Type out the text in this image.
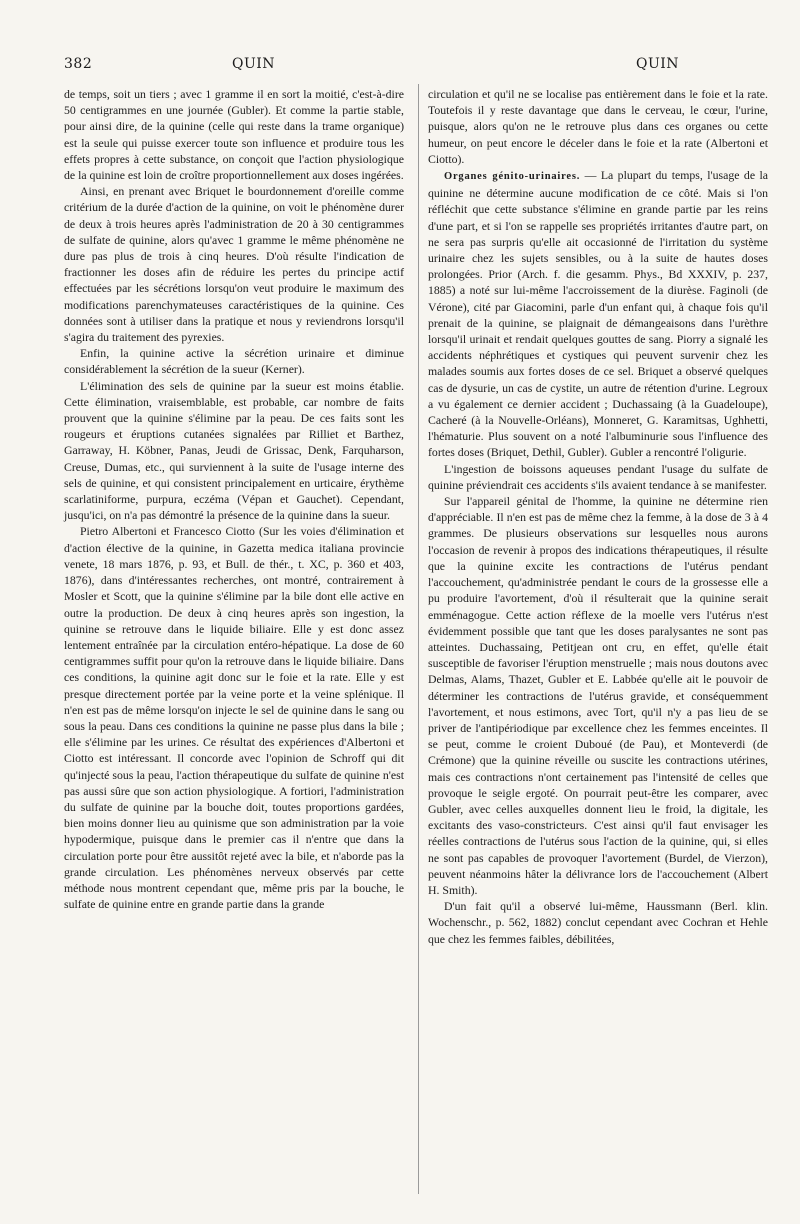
382	QUIN	QUIN

de temps, soit un tiers ; avec 1 gramme il en sort la moitié, c'est-à-dire 50 centigrammes en une journée (Gubler). Et comme la partie stable, pour ainsi dire, de la quinine (celle qui reste dans la trame organique) est la seule qui puisse exercer toute son influence et produire tous les effets propres à cette substance, on conçoit que l'action physiologique de la quinine est loin de croître proportionnellement aux doses ingérées.

Ainsi, en prenant avec Briquet le bourdonnement d'oreille comme critérium de la durée d'action de la quinine, on voit le phénomène durer de deux à trois heures après l'administration de 20 à 30 centigrammes de sulfate de quinine, alors qu'avec 1 gramme le même phénomène ne dure pas plus de trois à cinq heures. D'où résulte l'indication de fractionner les doses afin de réduire les pertes du principe actif effectuées par les sécrétions lorsqu'on veut produire le maximum des modifications parenchymateuses caractéristiques de la quinine. Ces données sont à utiliser dans la pratique et nous y reviendrons lorsqu'il s'agira du traitement des pyrexies.

Enfin, la quinine active la sécrétion urinaire et diminue considérablement la sécrétion de la sueur (Kerner).

L'élimination des sels de quinine par la sueur est moins établie. Cette élimination, vraisemblable, est probable, car nombre de faits prouvent que la quinine s'élimine par la peau. De ces faits sont les rougeurs et éruptions cutanées signalées par Rilliet et Barthez, Garraway, H. Köbner, Panas, Jeudi de Grissac, Denk, Farquharson, Creuse, Dumas, etc., qui surviennent à la suite de l'usage interne des sels de quinine, et qui consistent principalement en urticaire, érythème scarlatiniforme, purpura, eczéma (Vépan et Gauchet). Cependant, jusqu'ici, on n'a pas démontré la présence de la quinine dans la sueur.

Pietro Albertoni et Francesco Ciotto (Sur les voies d'élimination et d'action élective de la quinine, in Gazetta medica italiana provincie venete, 18 mars 1876, p. 93, et Bull. de thér., t. XC, p. 360 et 403, 1876), dans d'intéressantes recherches, ont montré, contrairement à Mosler et Scott, que la quinine s'élimine par la bile dont elle active en outre la production. De deux à cinq heures après son ingestion, la quinine se retrouve dans le liquide biliaire. Elle y est donc assez lentement entraînée par la circulation entéro-hépatique. La dose de 60 centigrammes suffit pour qu'on la retrouve dans le liquide biliaire. Dans ces conditions, la quinine agit donc sur le foie et la rate. Elle y est presque directement portée par la veine porte et la veine splénique. Il n'en est pas de même lorsqu'on injecte le sel de quinine dans le sang ou sous la peau. Dans ces conditions la quinine ne passe plus dans la bile ; elle s'élimine par les urines. Ce résultat des expériences d'Albertoni et Ciotto est intéressant. Il concorde avec l'opinion de Schroff qui dit qu'injecté sous la peau, l'action thérapeutique du sulfate de quinine n'est pas aussi sûre que son action physiologique. A fortiori, l'administration du sulfate de quinine par la bouche doit, toutes proportions gardées, bien moins donner lieu au quinisme que son administration par la voie hypodermique, puisque dans le premier cas il n'entre que dans la circulation porte pour être aussitôt rejeté avec la bile, et n'aborde pas la grande circulation. Les phénomènes nerveux observés par cette méthode nous montrent cependant que, même pris par la bouche, le sulfate de quinine entre en grande partie dans la grande

circulation et qu'il ne se localise pas entièrement dans le foie et la rate. Toutefois il y reste davantage que dans le cerveau, le cœur, l'urine, puisque, alors qu'on ne le retrouve plus dans ces organes ou cette humeur, on peut encore le déceler dans le foie et la rate (Albertoni et Ciotto).

Organes génito-urinaires. — La plupart du temps, l'usage de la quinine ne détermine aucune modification de ce côté. Mais si l'on réfléchit que cette substance s'élimine en grande partie par les reins d'une part, et si l'on se rappelle ses propriétés irritantes d'autre part, on ne sera pas surpris qu'elle ait occasionné de l'irritation du système urinaire chez les sujets sensibles, ou à la suite de hautes doses prolongées. Prior (Arch. f. die gesamm. Phys., Bd XXXIV, p. 237, 1885) a noté sur lui-même l'accroissement de la diurèse. Faginoli (de Vérone), cité par Giacomini, parle d'un enfant qui, à chaque fois qu'il prenait de la quinine, se plaignait de démangeaisons dans l'urèthre lorsqu'il urinait et rendait quelques gouttes de sang. Piorry a signalé les accidents néphrétiques et cystiques qui peuvent survenir chez les malades soumis aux fortes doses de ce sel. Briquet a observé quelques cas de dysurie, un cas de cystite, un autre de rétention d'urine. Legroux a vu également ce dernier accident ; Duchassaing (à la Guadeloupe), Cacheré (à la Nouvelle-Orléans), Monneret, G. Karamitsas, Ughhetti, l'hématurie. Plus souvent on a noté l'albuminurie sous l'influence des fortes doses (Briquet, Dethil, Gubler). Gubler a rencontré l'oligurie.

L'ingestion de boissons aqueuses pendant l'usage du sulfate de quinine préviendrait ces accidents s'ils avaient tendance à se manifester.

Sur l'appareil génital de l'homme, la quinine ne détermine rien d'appréciable. Il n'en est pas de même chez la femme, à la dose de 3 à 4 grammes. De plusieurs observations sur lesquelles nous aurons l'occasion de revenir à propos des indications thérapeutiques, il résulte que la quinine excite les contractions de l'utérus pendant l'accouchement, qu'administrée pendant le cours de la grossesse elle a pu produire l'avortement, d'où il résulterait que la quinine serait emménagogue. Cette action réflexe de la moelle vers l'utérus n'est évidemment possible que tant que les doses paralysantes ne sont pas atteintes. Duchassaing, Petitjean ont cru, en effet, qu'elle était susceptible de favoriser l'éruption menstruelle ; mais nous doutons avec Delmas, Alams, Thazet, Gubler et E. Labbée qu'elle ait le pouvoir de déterminer les contractions de l'utérus gravide, et conséquemment l'avortement, et nous estimons, avec Tort, qu'il n'y a pas lieu de se priver de l'antipériodique par excellence chez les femmes enceintes. Il se peut, comme le croient Duboué (de Pau), et Monteverdi (de Crémone) que la quinine réveille ou suscite les contractions utérines, mais ces contractions n'ont certainement pas l'intensité de celles que provoque le seigle ergoté. On pourrait peut-être les comparer, avec Gubler, avec celles auxquelles donnent lieu le froid, la digitale, les excitants des vaso-constricteurs. C'est ainsi qu'il faut envisager les réelles contractions de l'utérus sous l'action de la quinine, qui, si elles ne sont pas capables de provoquer l'avortement (Burdel, de Vierzon), peuvent néanmoins hâter la délivrance lors de l'accouchement (Albert H. Smith).

D'un fait qu'il a observé lui-même, Haussmann (Berl. klin. Wochenschr., p. 562, 1882) conclut cependant avec Cochran et Hehle que chez les femmes faibles, débilitées,
